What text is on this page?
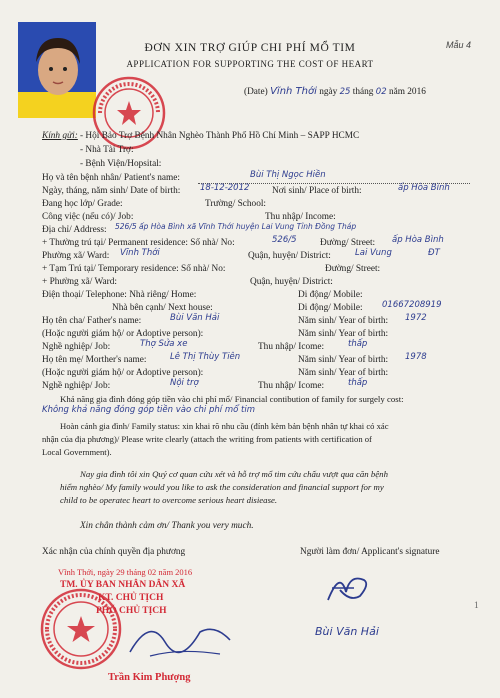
Mẫu 4
ĐƠN XIN TRỢ GIÚP CHI PHÍ MỔ TIM
APPLICATION FOR SUPPORTING THE COST OF HEART
(Date) Vĩnh Thới ngày 25 tháng 02 năm 2016
Kính gửi: - Hội Bảo Trợ Bệnh Nhân Nghèo Thành Phố Hồ Chí Minh – SAPP HCMC
- Nhà Tài Trợ:
- Bệnh Viện/Hopsital:
Họ và tên bệnh nhân/ Patient's name:	Bùi Thị Ngọc Hiền
Ngày, tháng, năm sinh/ Date of birth: 18-12-2012 Nơi sinh/ Place of birth:	ấp Hòa Bình
Đang học lớp/ Grade:	Trường/ School:
Công việc (nếu có)/ Job:	Thu nhập/ Income:
Địa chỉ/ Address: 526/5 ấp Hòa Bình xã Vĩnh Thới huyện Lai Vung Tỉnh Đồng Tháp
+ Thường trú tại/ Permanent residence: Số nhà/ No:	526/5	Đường/ Street: ấp Hòa Bình
Phường xã/ Ward: Vĩnh Thới	Quận, huyện/ District:	Lai Vung	ĐT
+ Tạm Trú tại/ Temporary residence: Số nhà/ No:	Đường/ Street:
+ Phường xã/ Ward:	Quận, huyện/ District:
Điện thoại/ Telephone: Nhà riêng/ Home:	Di động/ Mobile:
Nhà bên cạnh/ Next house:	Di động/ Mobile: 01667208919
Họ tên cha/ Father's name:	Bùi Văn Hải	Năm sinh/ Year of birth: 1972
(Hoặc người giám hộ/ or Adoptive person):	Năm sinh/ Year of birth:
Nghề nghiệp/ Job:	Thợ Sửa xe	Thu nhập/ Icome:	thấp
Họ tên mẹ/ Morther's name:	Lê Thị Thùy Tiên	Năm sinh/ Year of birth: 1978
(Hoặc người giám hộ/ or Adoptive person):	Năm sinh/ Year of birth:
Nghề nghiệp/ Job:	Nội trợ	Thu nhập/ Icome:	thấp
Khả năng gia đình đóng góp tiền vào chi phí mổ/ Financial contibution of family for surgely cost:
Không khả năng đóng góp tiền vào chi phí mổ tim
Hoàn cảnh gia đình/ Family status: xin khai rõ nhu cầu (đính kèm bản bệnh nhân tự khai có xác
nhận của địa phương)/ Please write clearly (attach the writing from patients with certification of
Local Government).
Nay gia đình tôi xin Quý cơ quan cứu xét và hỗ trợ mổ tim cứu chấu vượt qua căn bệnh
hiểm nghèo/ My family would you like to ask the consideration and financial support for my
child to be operatec heart to overcome serious heart disiease.
Xin chân thành cảm ơn/ Thank you very much.
Xác nhận của chính quyền địa phương	Người làm đơn/ Applicant's signature
Vĩnh Thới, ngày 29 tháng 02 năm 2016
TM. ỦY BAN NHÂN DÂN XÃ
KT. CHỦ TỊCH
PHÓ CHỦ TỊCH
Trần Kim Phượng
Bùi Văn Hải
1
